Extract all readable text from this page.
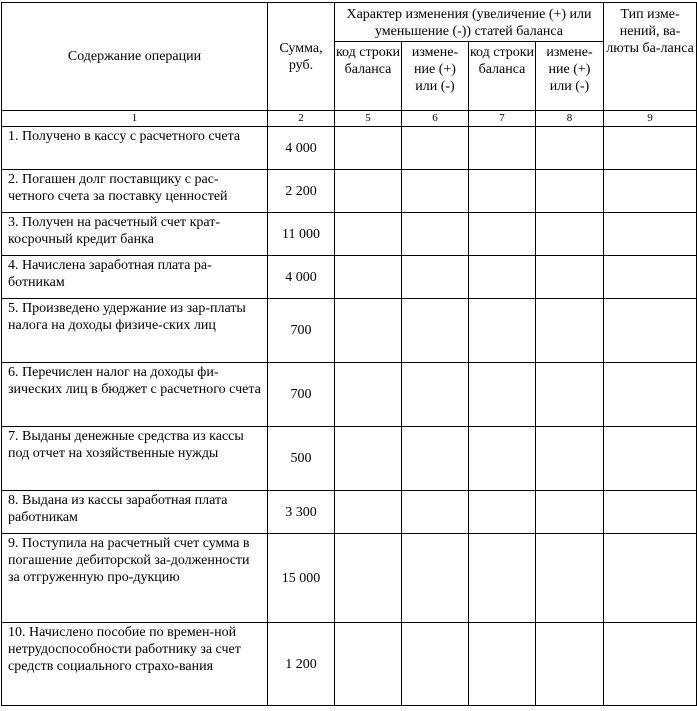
Содержание операции	Сумма, руб.	Характер изменения (увеличение (+) или уменьшение (-)) статей баланса				Тип изме-нений, ва-люты ба-ланса
		код строки баланса	измене-ние (+) или (-)	код строки баланса	измене-ние (+) или (-)	
1	2	5	6	7	8	9
1. Получено в кассу с расчетного счета	4 000					
2. Погашен долг поставщику с рас-четного счета за поставку ценностей	2 200					
3. Получен на расчетный счет крат-косрочный кредит банка	11 000					
4. Начислена заработная плата ра-ботникам	4 000					
5. Произведено удержание из зар-платы налога на доходы физиче-ских лиц	700					
6. Перечислен налог на доходы фи-зических лиц в бюджет с расчетного счета	700					
7. Выданы денежные средства из кассы под отчет на хозяйственные нужды	500					
8. Выдана из кассы заработная плата работникам	3 300					
9. Поступила на расчетный счет сумма в погашение дебиторской за-долженности за отгруженную про-дукцию	15 000					
10. Начислено пособие по времен-ной нетрудоспособности работнику за счет средств социального страхо-вания	1 200					
